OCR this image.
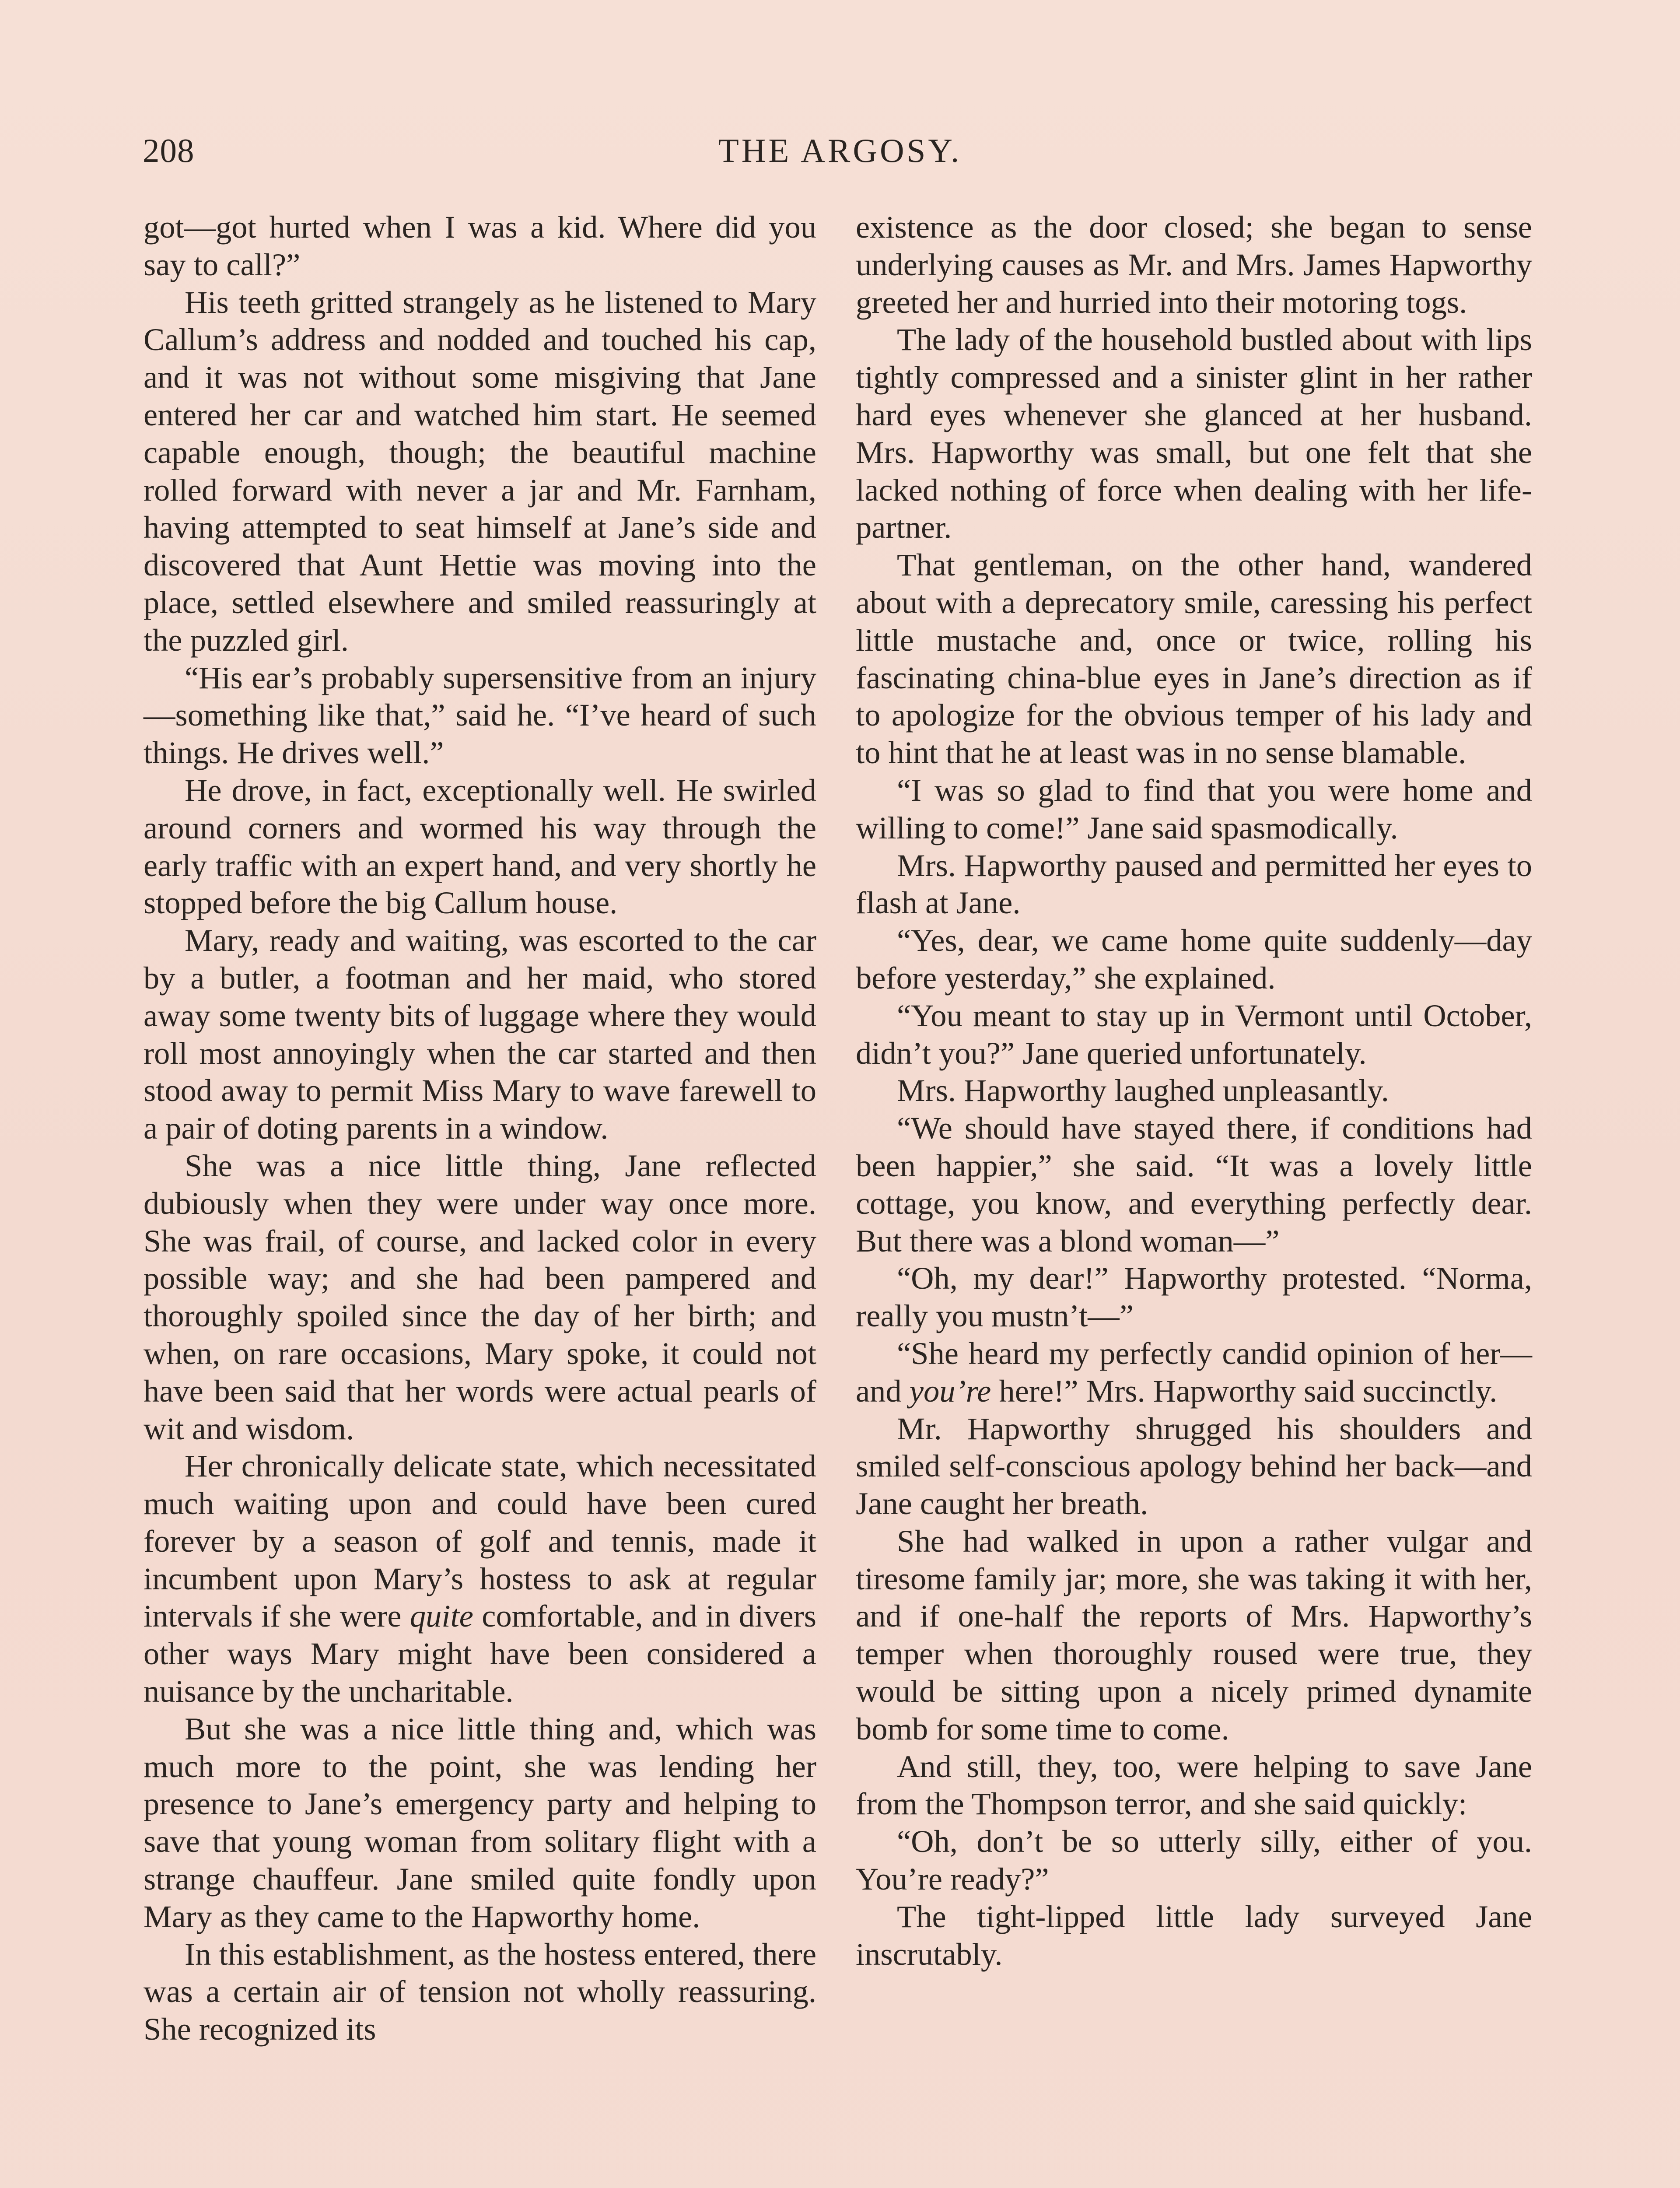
208	THE ARGOSY.

got—got hurted when I was a kid. Where did you say to call?”

His teeth gritted strangely as he listened to Mary Callum’s address and nodded and touched his cap, and it was not without some misgiving that Jane entered her car and watched him start. He seemed capable enough, though; the beautiful machine rolled forward with never a jar and Mr. Farnham, having attempted to seat himself at Jane’s side and discovered that Aunt Hettie was moving into the place, settled elsewhere and smiled reassuringly at the puzzled girl.

“His ear’s probably supersensitive from an injury—something like that,” said he. “I’ve heard of such things. He drives well.”

He drove, in fact, exceptionally well. He swirled around corners and wormed his way through the early traffic with an expert hand, and very shortly he stopped before the big Callum house.

Mary, ready and waiting, was escorted to the car by a butler, a footman and her maid, who stored away some twenty bits of luggage where they would roll most annoyingly when the car started and then stood away to permit Miss Mary to wave farewell to a pair of doting parents in a window.

She was a nice little thing, Jane reflected dubiously when they were under way once more. She was frail, of course, and lacked color in every possible way; and she had been pampered and thoroughly spoiled since the day of her birth; and when, on rare occasions, Mary spoke, it could not have been said that her words were actual pearls of wit and wisdom.

Her chronically delicate state, which necessitated much waiting upon and could have been cured forever by a season of golf and tennis, made it incumbent upon Mary’s hostess to ask at regular intervals if she were quite comfortable, and in divers other ways Mary might have been considered a nuisance by the uncharitable.

But she was a nice little thing and, which was much more to the point, she was lending her presence to Jane’s emergency party and helping to save that young woman from solitary flight with a strange chauffeur. Jane smiled quite fondly upon Mary as they came to the Hapworthy home.

In this establishment, as the hostess entered, there was a certain air of tension not wholly reassuring. She recognized its

existence as the door closed; she began to sense underlying causes as Mr. and Mrs. James Hapworthy greeted her and hurried into their motoring togs.

The lady of the household bustled about with lips tightly compressed and a sinister glint in her rather hard eyes whenever she glanced at her husband. Mrs. Hapworthy was small, but one felt that she lacked nothing of force when dealing with her life-partner.

That gentleman, on the other hand, wandered about with a deprecatory smile, caressing his perfect little mustache and, once or twice, rolling his fascinating china-blue eyes in Jane’s direction as if to apologize for the obvious temper of his lady and to hint that he at least was in no sense blamable.

“I was so glad to find that you were home and willing to come!” Jane said spasmodically.

Mrs. Hapworthy paused and permitted her eyes to flash at Jane.

“Yes, dear, we came home quite suddenly—day before yesterday,” she explained.

“You meant to stay up in Vermont until October, didn’t you?” Jane queried unfortunately.

Mrs. Hapworthy laughed unpleasantly.

“We should have stayed there, if conditions had been happier,” she said. “It was a lovely little cottage, you know, and everything perfectly dear. But there was a blond woman—”

“Oh, my dear!” Hapworthy protested. “Norma, really you mustn’t—”

“She heard my perfectly candid opinion of her—and you’re here!” Mrs. Hapworthy said succinctly.

Mr. Hapworthy shrugged his shoulders and smiled self-conscious apology behind her back—and Jane caught her breath.

She had walked in upon a rather vulgar and tiresome family jar; more, she was taking it with her, and if one-half the reports of Mrs. Hapworthy’s temper when thoroughly roused were true, they would be sitting upon a nicely primed dynamite bomb for some time to come.

And still, they, too, were helping to save Jane from the Thompson terror, and she said quickly:

“Oh, don’t be so utterly silly, either of you. You’re ready?”

The tight-lipped little lady surveyed Jane inscrutably.
